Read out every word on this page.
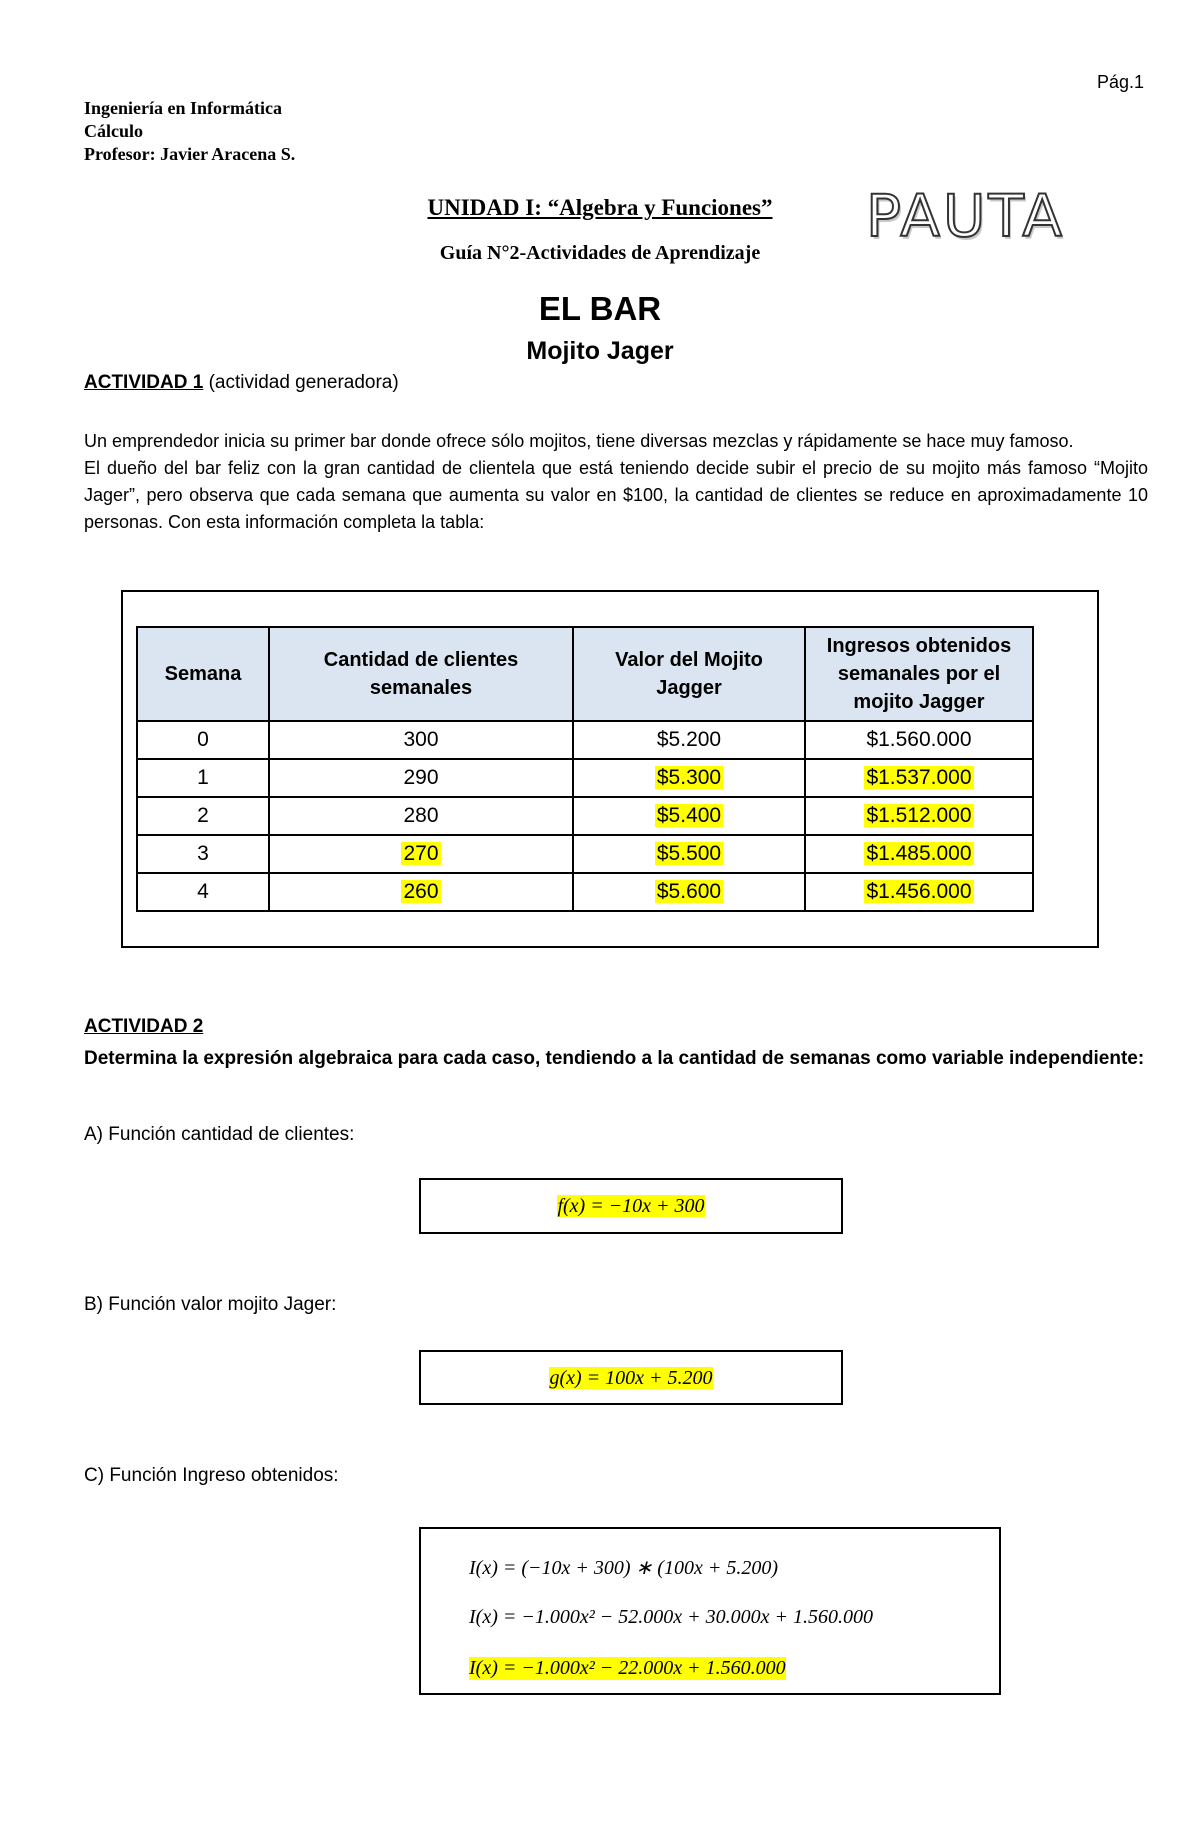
Pág.1
Ingeniería en Informática
Cálculo
Profesor: Javier Aracena S.
UNIDAD I: “Algebra y Funciones”
Guía N°2-Actividades de Aprendizaje
PAUTA
EL BAR
Mojito Jager
ACTIVIDAD 1 (actividad generadora)

Un emprendedor inicia su primer bar donde ofrece sólo mojitos, tiene diversas mezclas y rápidamente se hace muy famoso.

El dueño del bar feliz con la gran cantidad de clientela que está teniendo decide subir el precio de su mojito más famoso “Mojito Jager”, pero observa que cada semana que aumenta su valor en $100, la cantidad de clientes se reduce en aproximadamente 10 personas. Con esta información completa la tabla:

Semana	Cantidad de clientes semanales	Valor del Mojito Jagger	Ingresos obtenidos semanales por el mojito Jagger
0	300	$5.200	$1.560.000
1	290	$5.300	$1.537.000
2	280	$5.400	$1.512.000
3	270	$5.500	$1.485.000
4	260	$5.600	$1.456.000
ACTIVIDAD 2
Determina la expresión algebraica para cada caso, tendiendo a la cantidad de semanas como variable independiente:
A) Función cantidad de clientes:
f(x) = −10x + 300
B) Función valor mojito Jager:
g(x) = 100x + 5.200
C) Función Ingreso obtenidos:
I(x) = (−10x + 300) ∗ (100x + 5.200)
I(x) = −1.000x² − 52.000x + 30.000x + 1.560.000
I(x) = −1.000x² − 22.000x + 1.560.000
